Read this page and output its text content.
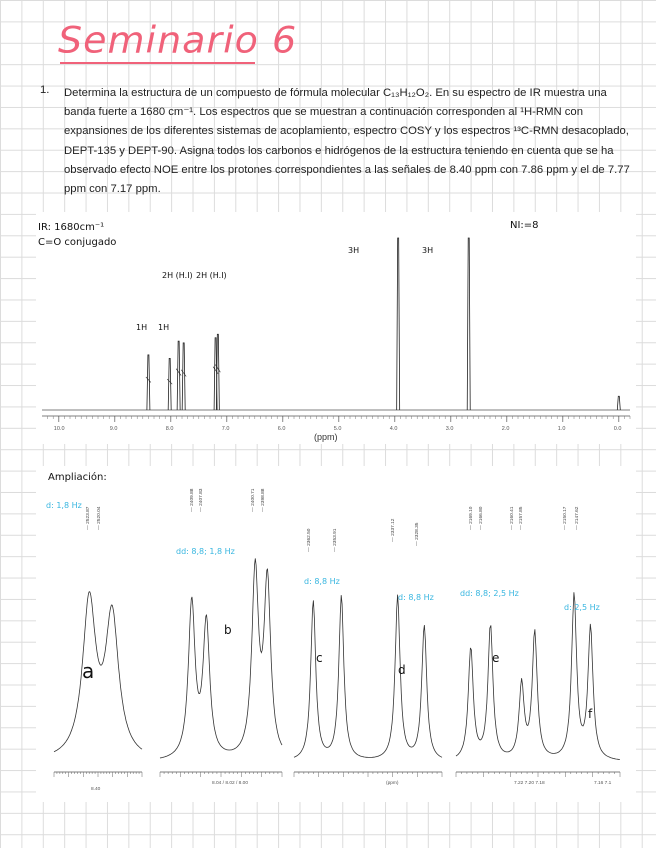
Seminario 6
1. Determina la estructura de un compuesto de fórmula molecular C₁₃H₁₂O₂. En su espectro de IR muestra una banda fuerte a 1680 cm⁻¹. Los espectros que se muestran a continuación corresponden al ¹H-RMN con expansiones de los diferentes sistemas de acoplamiento, espectro COSY y los espectros ¹³C-RMN desacoplado, DEPT-135 y DEPT-90. Asigna todos los carbonos e hidrógenos de la estructura teniendo en cuenta que se ha observado efecto NOE entre los protones correspondientes a las señales de 8.40 ppm con 7.86 ppm y el de 7.77 ppm con 7.17 ppm.
IR: 1680cm⁻¹
C=O conjugado
NI:=8
1H 1H
2H (H.I) 2H (H.I)
3H	3H
10.0	9.0	8.0	7.0	6.0	5.0	4.0	3.0	2.0	1.0	0.0
(ppm)
Ampliación:
— 2523.87 — 2520.04
— 2409.88 — 2407.83	— 2400.71 — 2398.88
— 2362.50	— 2353.91	— 2337.12	— 2328.35
— 2169.10 — 2166.80	— 2160.41 — 2157.85	— 2150.17 — 2147.62
d: 1,8 Hz
a
8.40
dd: 8,8; 1,8 Hz
b
8.04 / 8.02 / 8.00
d: 8,8 Hz
c
d: 8,8 Hz
d
(ppm)
dd: 8,8; 2,5 Hz
e
7.22 7.20 7.18
d: 2,5 Hz
f
7.16 7.1
